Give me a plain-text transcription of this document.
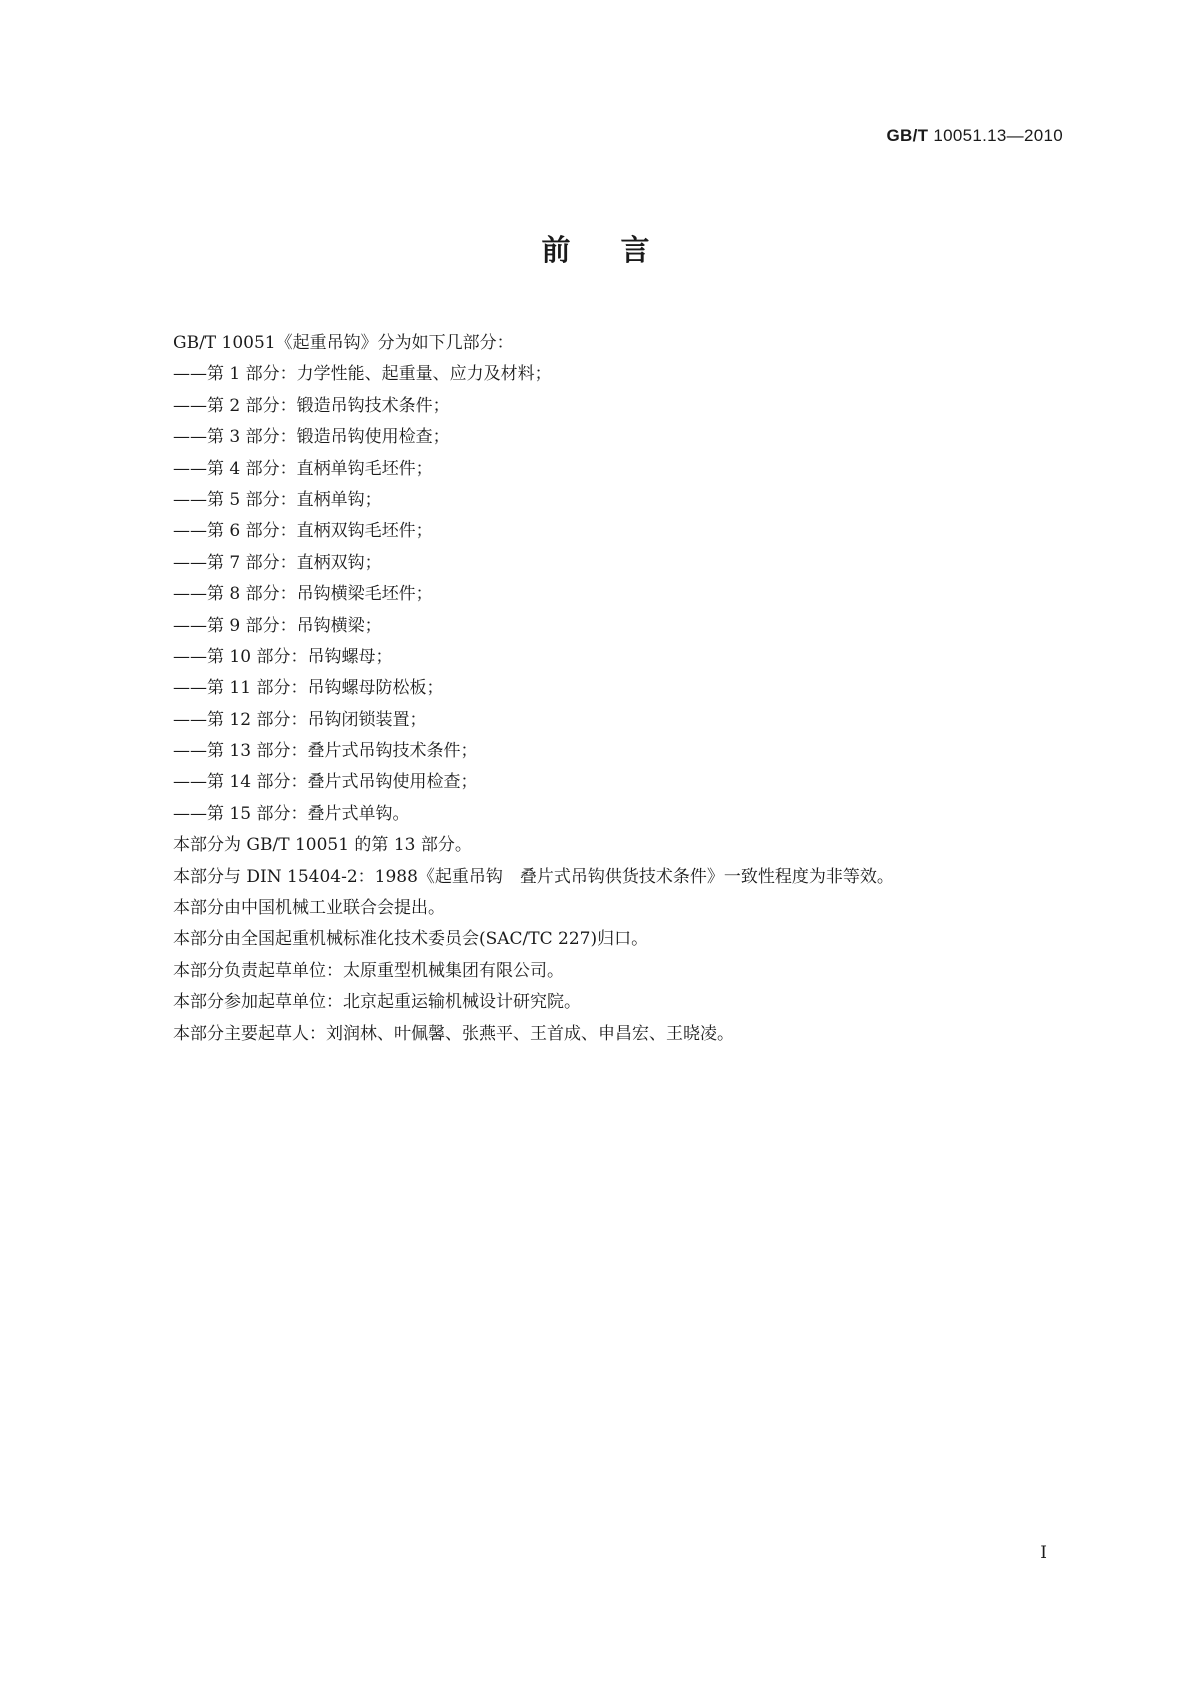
GB/T 10051.13—2010
前言
GB/T 10051《起重吊钩》分为如下几部分：
——第 1 部分：力学性能、起重量、应力及材料；
——第 2 部分：锻造吊钩技术条件；
——第 3 部分：锻造吊钩使用检查；
——第 4 部分：直柄单钩毛坯件；
——第 5 部分：直柄单钩；
——第 6 部分：直柄双钩毛坯件；
——第 7 部分：直柄双钩；
——第 8 部分：吊钩横梁毛坯件；
——第 9 部分：吊钩横梁；
——第 10 部分：吊钩螺母；
——第 11 部分：吊钩螺母防松板；
——第 12 部分：吊钩闭锁装置；
——第 13 部分：叠片式吊钩技术条件；
——第 14 部分：叠片式吊钩使用检查；
——第 15 部分：叠片式单钩。
本部分为 GB/T 10051 的第 13 部分。
本部分与 DIN 15404-2：1988《起重吊钩　叠片式吊钩供货技术条件》一致性程度为非等效。
本部分由中国机械工业联合会提出。
本部分由全国起重机械标准化技术委员会(SAC/TC 227)归口。
本部分负责起草单位：太原重型机械集团有限公司。
本部分参加起草单位：北京起重运输机械设计研究院。
本部分主要起草人：刘润林、叶佩馨、张燕平、王首成、申昌宏、王晓凌。
I
